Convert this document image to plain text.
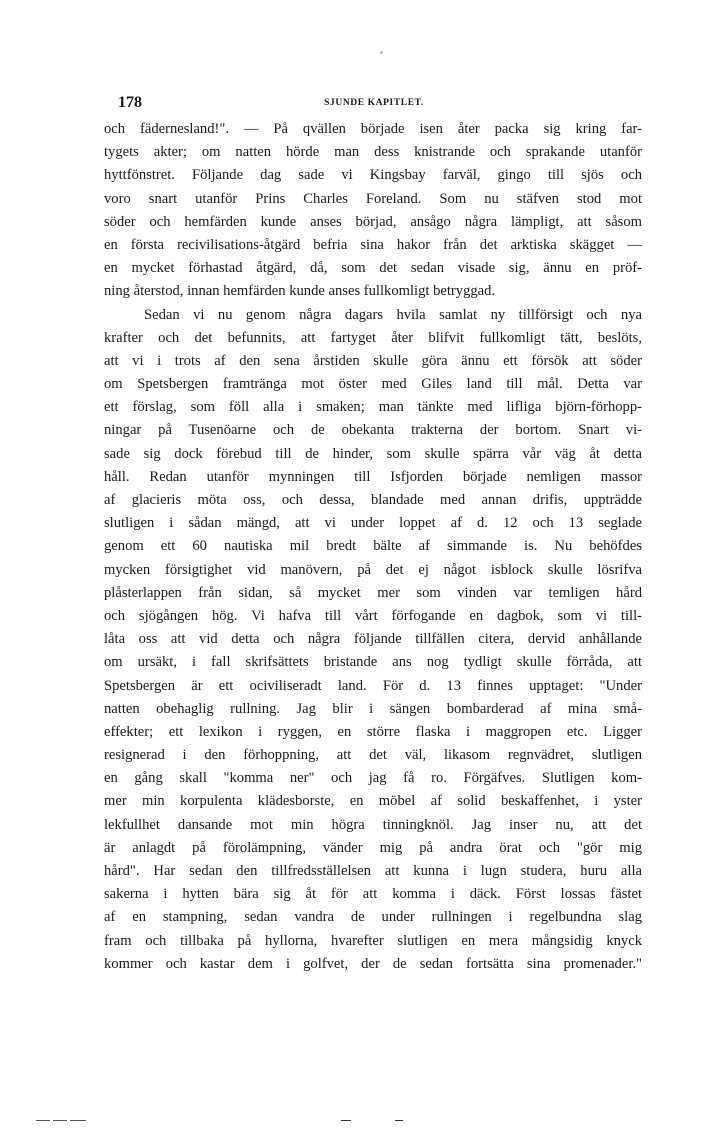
178	SJUNDE KAPITLET.
och fäderneslandǃ". — På qvällen började isen åter packa sig kring far-
tygets akter; om natten hörde man dess knistrande och sprakande utanför
hyttfönstret. Följande dag sade vi Kingsbay farväl, gingo till sjös och
voro snart utanför Prins Charles Foreland. Som nu stäfven stod mot
söder och hemfärden kunde anses börjad, ansågo några lämpligt, att såsom
en första recivilisations-åtgärd befria sina hakor från det arktiska skägget —
en mycket förhastad åtgärd, då, som det sedan visade sig, ännu en pröf-
ning återstod, innan hemfärden kunde anses fullkomligt betryggad.
Sedan vi nu genom några dagars hvila samlat ny tillförsigt och nya
krafter och det befunnits, att fartyget åter blifvit fullkomligt tätt, beslöts,
att vi i trots af den sena årstiden skulle göra ännu ett försök att söder
om Spetsbergen framtränga mot öster med Giles land till mål. Detta var
ett förslag, som föll alla i smaken; man tänkte med lifliga björn-förhopp-
ningar på Tusenöarne och de obekanta trakterna der bortom. Snart vi-
sade sig dock förebud till de hinder, som skulle spärra vår väg åt detta
håll. Redan utanför mynningen till Isfjorden började nemligen massor
af glacieris möta oss, och dessa, blandade med annan drifis, uppträdde
slutligen i sådan mängd, att vi under loppet af d. 12 och 13 seglade
genom ett 60 nautiska mil bredt bälte af simmande is. Nu behöfdes
mycken försigtighet vid manövern, på det ej något isblock skulle lösrifva
plåsterlappen från sidan, så mycket mer som vinden var temligen hård
och sjögången hög. Vi hafva till vårt förfogande en dagbok, som vi till-
låta oss att vid detta och några följande tillfällen citera, dervid anhållande
om ursäkt, i fall skrifsättets bristande ans nog tydligt skulle förråda, att
Spetsbergen är ett ociviliseradt land. För d. 13 finnes upptaget: "Under
natten obehaglig rullning. Jag blir i sängen bombarderad af mina små-
effekter; ett lexikon i ryggen, en större flaska i maggropen etc. Ligger
resignerad i den förhoppning, att det väl, likasom regnvädret, slutligen
en gång skall "komma ner" och jag få ro. Förgäfves. Slutligen kom-
mer min korpulenta klädesborste, en möbel af solid beskaffenhet, i yster
lekfullhet dansande mot min högra tinningknöl. Jag inser nu, att det
är anlagdt på förolämpning, vänder mig på andra örat och "gör mig
hård". Har sedan den tillfredsställelsen att kunna i lugn studera, huru alla
sakerna i hytten bära sig åt för att komma i däck. Först lossas fästet
af en stampning, sedan vandra de under rullningen i regelbundna slag
fram och tillbaka på hyllorna, hvarefter slutligen en mera mångsidig knyck
kommer och kastar dem i golfvet, der de sedan fortsätta sina promenader."
